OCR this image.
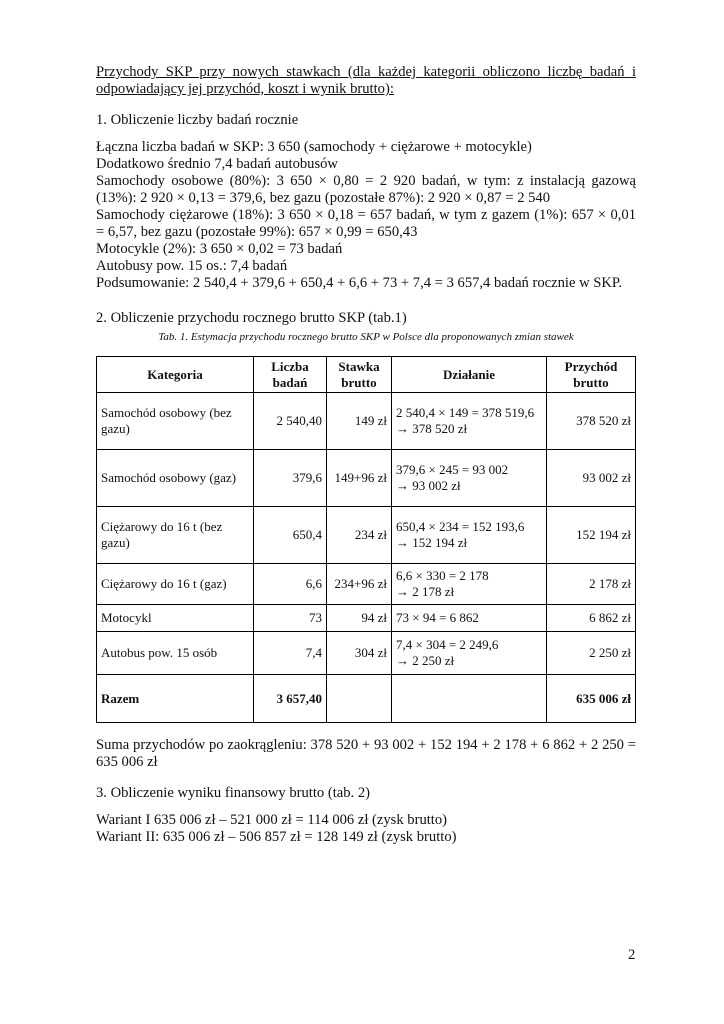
Przychody SKP przy nowych stawkach (dla każdej kategorii obliczono liczbę badań i odpowiadający jej przychód, koszt i wynik brutto):

1. Obliczenie liczby badań rocznie

Łączna liczba badań w SKP: 3 650 (samochody + ciężarowe + motocykle)

Dodatkowo średnio 7,4 badań autobusów

Samochody osobowe (80%): 3 650 × 0,80 = 2 920 badań, w tym: z instalacją gazową (13%): 2 920 × 0,13 = 379,6, bez gazu (pozostałe 87%): 2 920 × 0,87 = 2 540

Samochody ciężarowe (18%): 3 650 × 0,18 = 657 badań, w tym z gazem (1%): 657 × 0,01 = 6,57, bez gazu (pozostałe 99%): 657 × 0,99 = 650,43

Motocykle (2%): 3 650 × 0,02 = 73 badań

Autobusy pow. 15 os.: 7,4 badań

Podsumowanie: 2 540,4 + 379,6 + 650,4 + 6,6 + 73 + 7,4 = 3 657,4 badań rocznie w SKP.

2. Obliczenie przychodu rocznego brutto SKP (tab.1)

Tab. 1. Estymacja przychodu rocznego brutto SKP w Polsce dla proponowanych zmian stawek

Kategoria	Liczba badań	Stawka brutto	Działanie	Przychód brutto
Samochód osobowy (bez gazu)	2 540,40	149 zł	2 540,4 × 149 = 378 519,6
→ 378 520 zł	378 520 zł
Samochód osobowy (gaz)	379,6	149+96 zł	379,6 × 245 = 93 002
→ 93 002 zł	93 002 zł
Ciężarowy do 16 t (bez gazu)	650,4	234 zł	650,4 × 234 = 152 193,6
→ 152 194 zł	152 194 zł
Ciężarowy do 16 t (gaz)	6,6	234+96 zł	6,6 × 330 = 2 178
→ 2 178 zł	2 178 zł
Motocykl	73	94 zł	73 × 94 = 6 862	6 862 zł
Autobus pow. 15 osób	7,4	304 zł	7,4 × 304 = 2 249,6
→ 2 250 zł	2 250 zł
Razem	3 657,40			635 006 zł

Suma przychodów po zaokrągleniu: 378 520 + 93 002 + 152 194 + 2 178 + 6 862 + 2 250 = 635 006 zł

3. Obliczenie wyniku finansowy brutto (tab. 2)

Wariant I 635 006 zł – 521 000 zł = 114 006 zł (zysk brutto)

Wariant II: 635 006 zł – 506 857 zł = 128 149 zł (zysk brutto)

2
